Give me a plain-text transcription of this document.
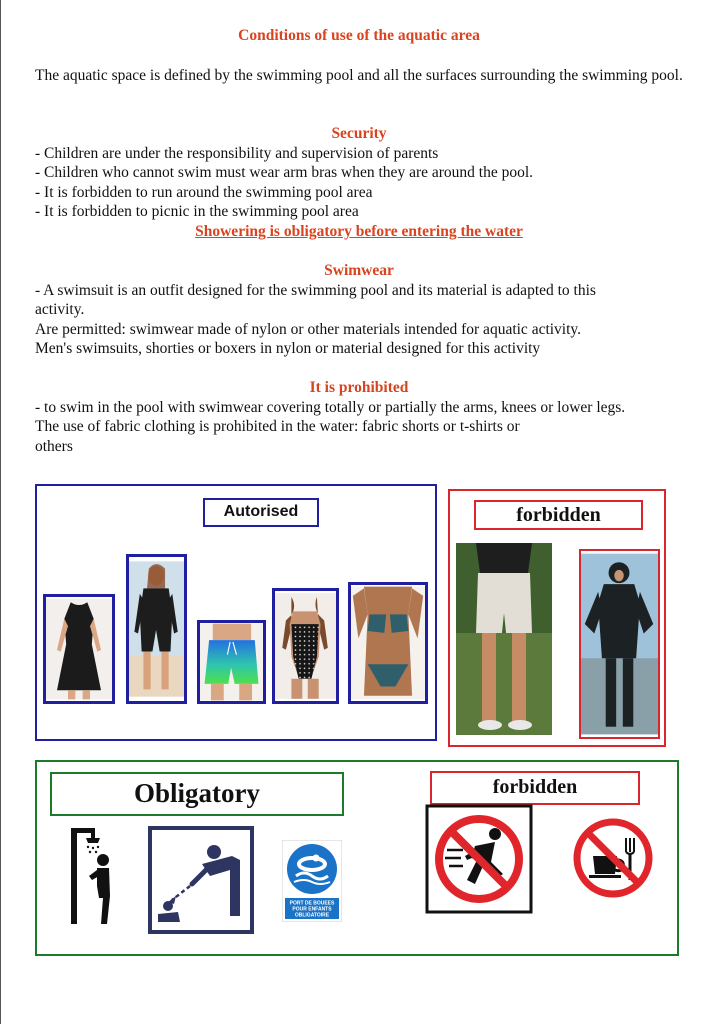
Conditions of use of the aquatic area
The aquatic space is defined by the swimming pool and all the surfaces surrounding the swimming pool.
Security
- Children are under the responsibility and supervision of parents
- Children who cannot swim must wear arm bras when they are around the pool.
- It is forbidden to run around the swimming pool area
- It is forbidden to picnic in the swimming pool area
Showering is obligatory before entering the water
Swimwear
- A swimsuit is an outfit designed for the swimming pool and its material is adapted to this
activity.
Are permitted: swimwear made of nylon or other materials intended for aquatic activity.
Men's swimsuits, shorties or boxers in nylon or material designed for this activity
It is prohibited
- to swim in the pool with swimwear covering totally or partially the arms, knees or lower legs.
The use of fabric clothing is prohibited in the water: fabric shorts or t-shirts or
others
Autorised	forbidden
Obligatory	forbidden
PORT DE BOUEES
POUR ENFANTS
OBLIGATOIRE
